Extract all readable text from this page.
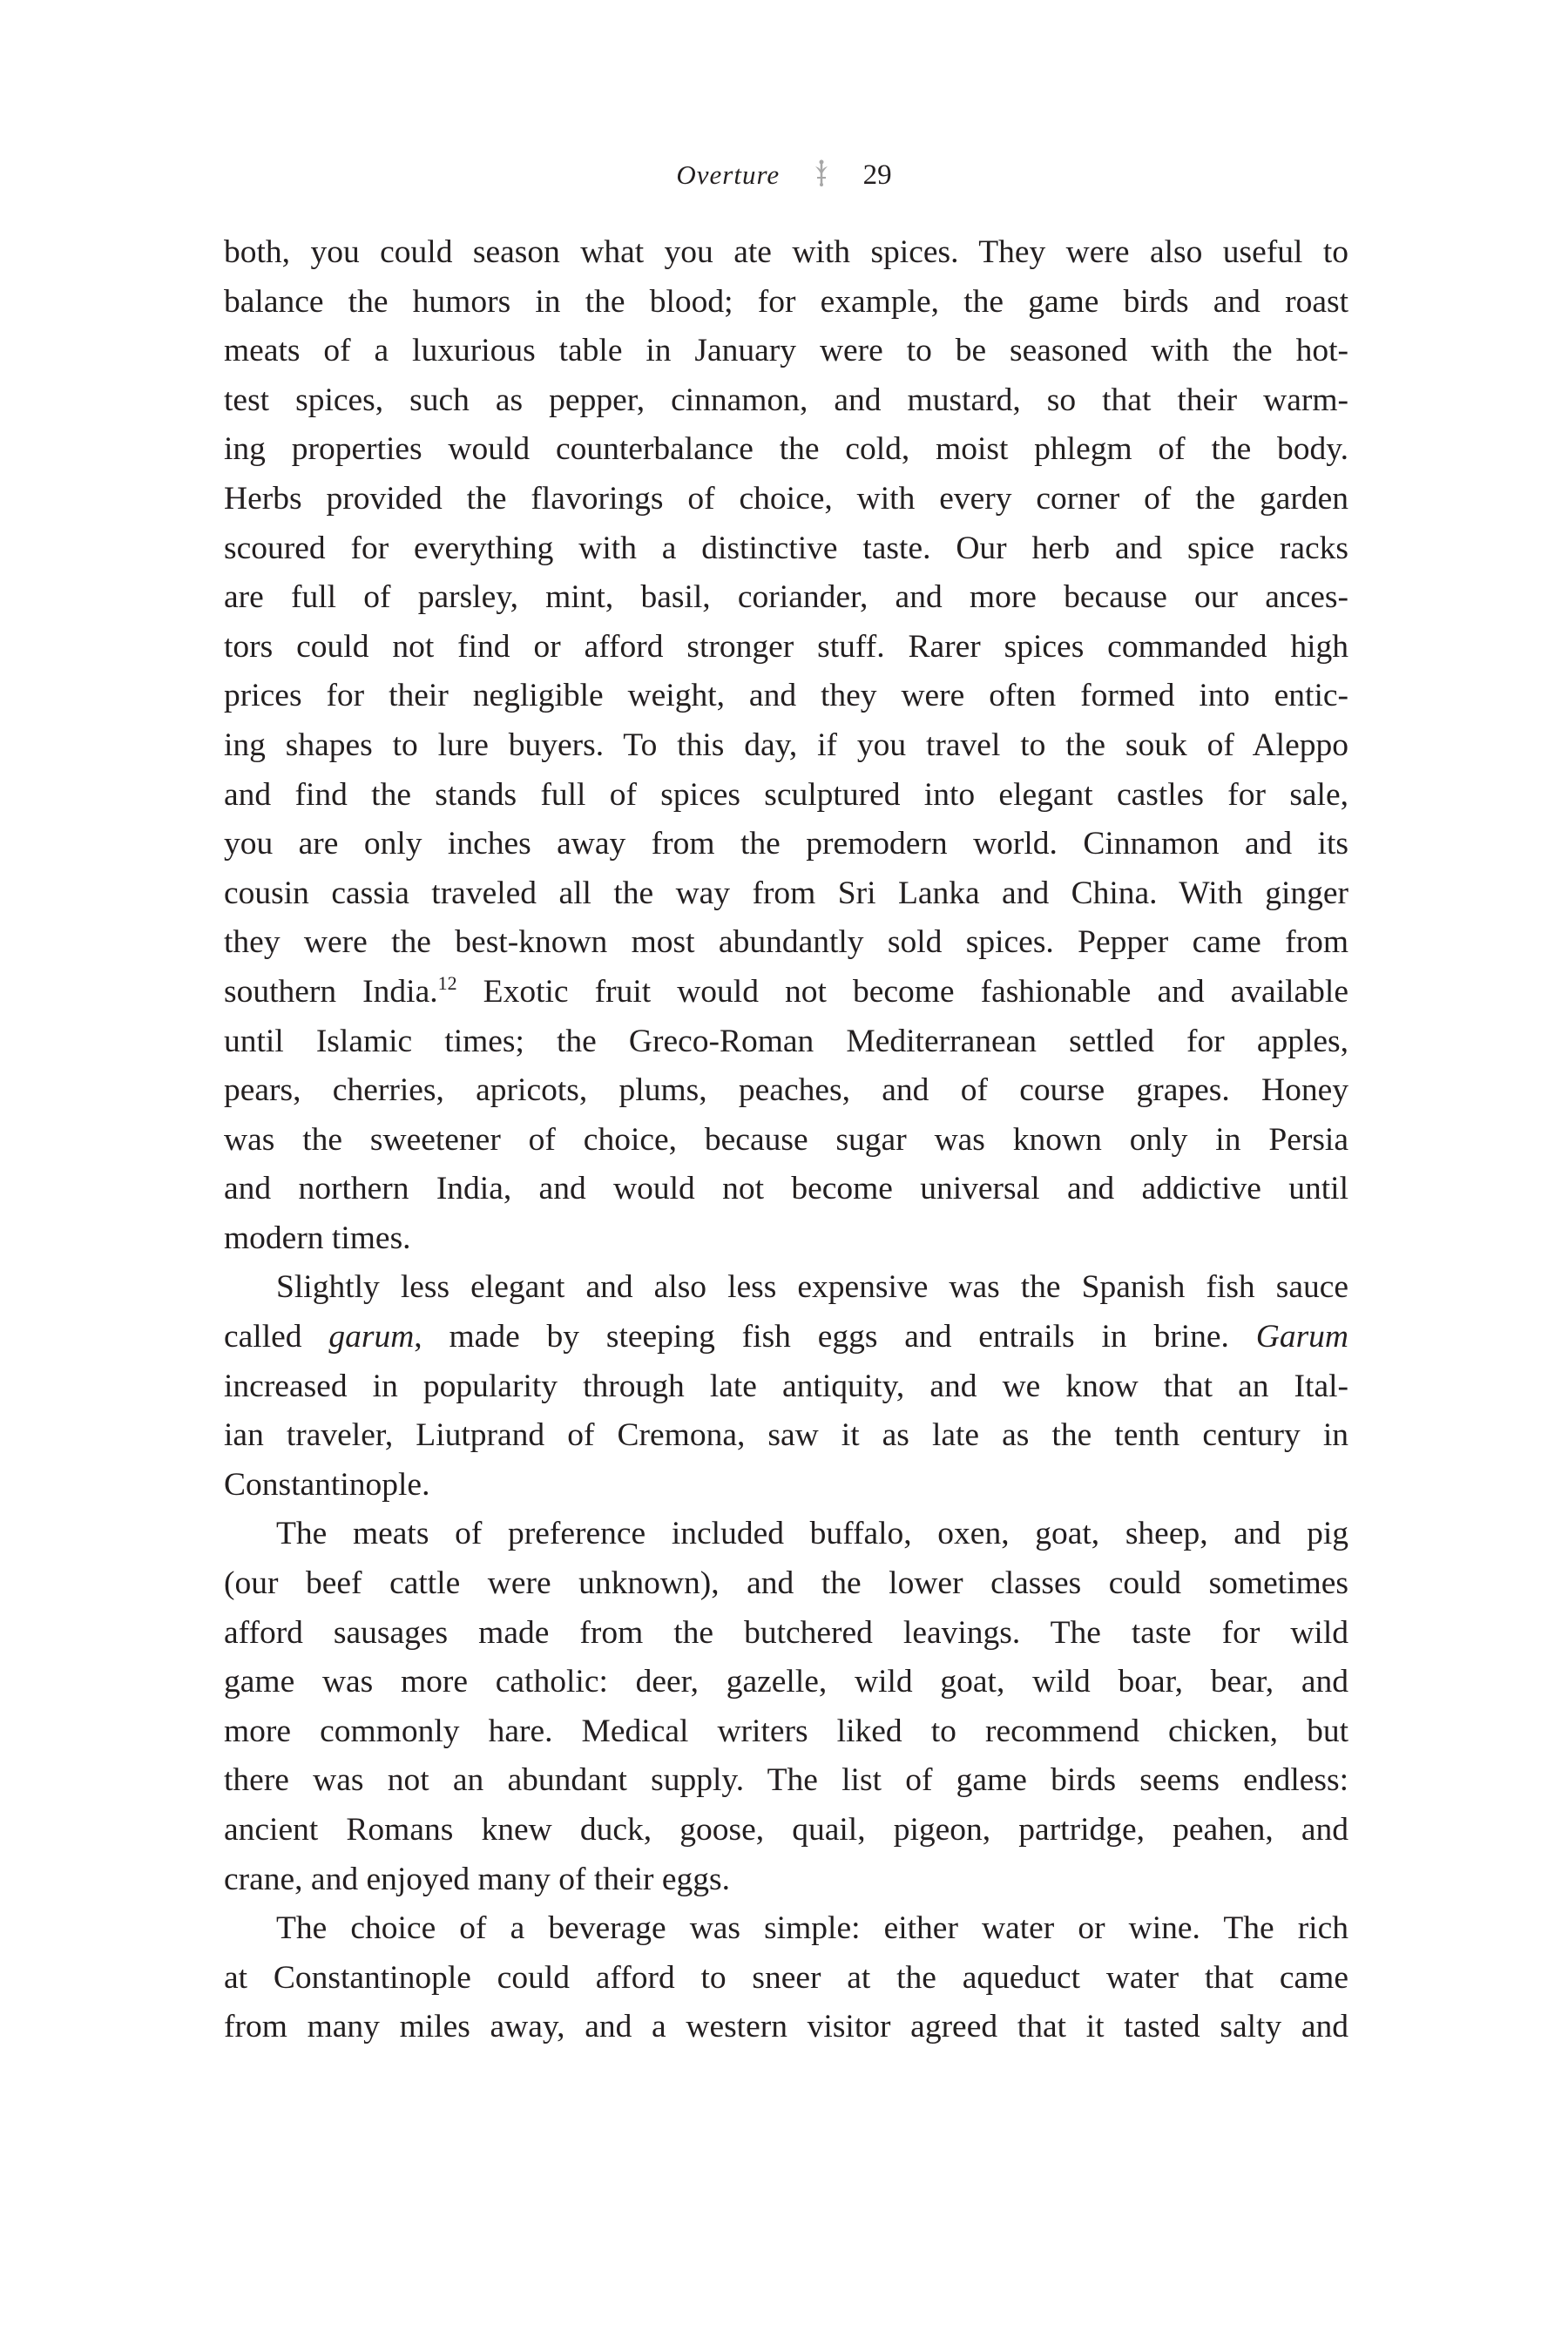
Overture	29
both, you could season what you ate with spices. They were also useful to
balance the humors in the blood; for example, the game birds and roast
meats of a luxurious table in January were to be seasoned with the hot-
test spices, such as pepper, cinnamon, and mustard, so that their warm-
ing properties would counterbalance the cold, moist phlegm of the body.
Herbs provided the flavorings of choice, with every corner of the garden
scoured for everything with a distinctive taste. Our herb and spice racks
are full of parsley, mint, basil, coriander, and more because our ances-
tors could not find or afford stronger stuff. Rarer spices commanded high
prices for their negligible weight, and they were often formed into entic-
ing shapes to lure buyers. To this day, if you travel to the souk of Aleppo
and find the stands full of spices sculptured into elegant castles for sale,
you are only inches away from the premodern world. Cinnamon and its
cousin cassia traveled all the way from Sri Lanka and China. With ginger
they were the best-known most abundantly sold spices. Pepper came from
southern India.$^{12}$ Exotic fruit would not become fashionable and available
until Islamic times; the Greco-Roman Mediterranean settled for apples,
pears, cherries, apricots, plums, peaches, and of course grapes. Honey
was the sweetener of choice, because sugar was known only in Persia
and northern India, and would not become universal and addictive until
modern times.
Slightly less elegant and also less expensive was the Spanish fish sauce
called garum, made by steeping fish eggs and entrails in brine. Garum
increased in popularity through late antiquity, and we know that an Ital-
ian traveler, Liutprand of Cremona, saw it as late as the tenth century in
Constantinople.
The meats of preference included buffalo, oxen, goat, sheep, and pig
(our beef cattle were unknown), and the lower classes could sometimes
afford sausages made from the butchered leavings. The taste for wild
game was more catholic: deer, gazelle, wild goat, wild boar, bear, and
more commonly hare. Medical writers liked to recommend chicken, but
there was not an abundant supply. The list of game birds seems endless:
ancient Romans knew duck, goose, quail, pigeon, partridge, peahen, and
crane, and enjoyed many of their eggs.
The choice of a beverage was simple: either water or wine. The rich
at Constantinople could afford to sneer at the aqueduct water that came
from many miles away, and a western visitor agreed that it tasted salty and
